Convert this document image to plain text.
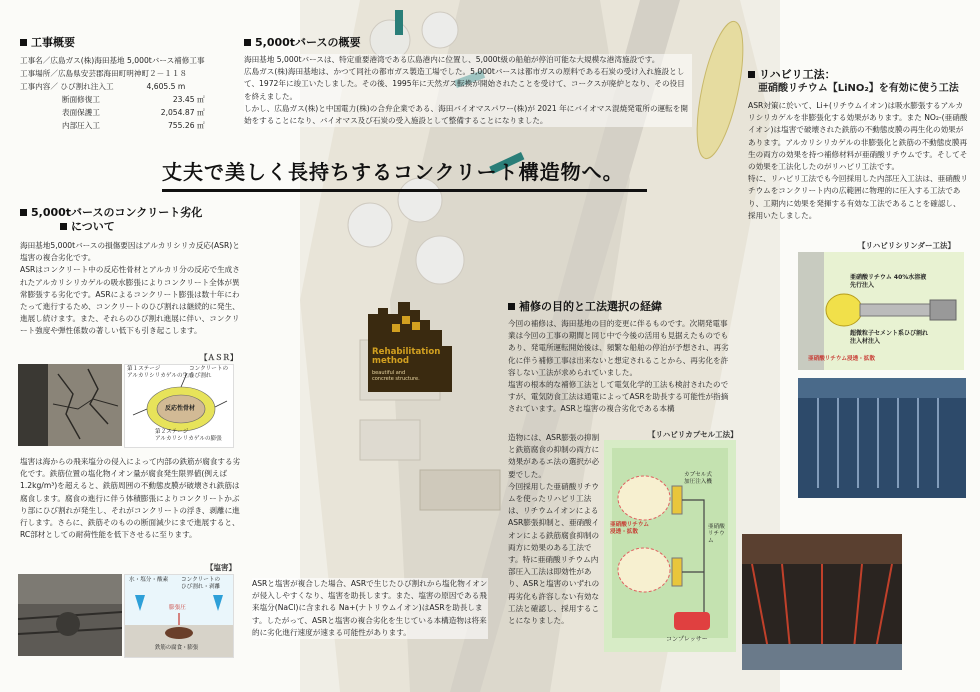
工事概要
工事名／広島ガス(株)海田基地 5,000tバース補修工事	
工事場所／広島県安芸郡海田町明神町２－１１８	
工事内容／ ひび割れ注入工	4,605.5 m
断面修復工	23.45 ㎡
表面保護工	2,054.87 ㎡
内部圧入工	755.26 ㎡
5,000tバースの概要
海田基地 5,000tバースは、特定重要港湾である広島港内に位置し、5,000t級の船舶が停泊可能な大規模な港湾施設です。
広島ガス(株)海田基地は、かつて同社の都市ガス製造工場でした。5,000tバースは都市ガスの原料である石炭の受け入れ施設として、1972年に竣工いたしました。その後、1995年に天然ガス転換が開始されたことを受けて、コークスが廃炉となり、その役目を終えました。
しかし、広島ガス(株)と中国電力(株)の合弁企業である、海田バイオマスパワー(株)が 2021 年にバイオマス混焼発電所の運転を開始をすることになり、バイオマス及び石炭の受入施設として整備することになりました。
丈夫で美しく長持ちするコンクリート構造物へ。
5,000tバースのコンクリート劣化
について
海田基地5,000tバースの損傷要因はアルカリシリカ反応(ASR)と塩害の複合劣化です。
ASRはコンクリート中の反応性骨材とアルカリ分の反応で生成されたアルカリシリカゲルの吸水膨張によりコンクリート全体が異常膨張する劣化です。ASRによるコンクリート膨張は数十年にわたって進行するため、コンクリートのひび割れは継続的に発生、進展し続けます。また、それらのひび割れ進展に伴い、コンクリート強度や弾性係数の著しい低下も引き起こします。
【ＡＳＲ】
第１ステージ
アルカリシリカゲルの生成
コンクリートの
ひび割れ
反応性骨材
第２ステージ
アルカリシリカゲルの膨張
塩害は海からの飛来塩分の侵入によって内部の鉄筋が腐食する劣化です。鉄筋位置の塩化物イオン量が腐食発生限界値(例えば 1.2kg/m³)を超えると、鉄筋周囲の不動態皮膜が破壊され鉄筋は腐食します。腐食の進行に伴う体積膨張によりコンクリートかぶり部にひび割れが発生し、それがコンクリートの浮き、剥離に進行します。さらに、鉄筋そのものの断面減少にまで進展すると、RC部材としての耐荷性能を低下させるに至ります。
【塩害】
水・塩分・酸素 コンクリートの
ひび割れ・剥離
膨張圧
鉄筋の腐食・膨張
Rehabilitation
method
beautiful and
concrete structure.
ASRと塩害が複合した場合、ASRで生じたひび割れから塩化物イオンが侵入しやすくなり、塩害を助長します。また、塩害の原因である飛来塩分(NaCl)に含まれる Na+(ナトリウムイオン)はASRを助長します。したがって、ASRと塩害の複合劣化を生じている本構造物は将来的に劣化進行速度が速まる可能性があります。
補修の目的と工法選択の経緯
今回の補修は、海田基地の目的変更に伴るものです。次期発電事業は今回の工事の期間と同じ中で今後の活用も見据えたものでもあり、発電所運転開始後は、頻繁な船舶の停泊が予想され、再劣化に伴う補修工事は出来ないと想定されることから、再劣化を許容しない工法が求められていました。
塩害の根本的な補修工法として電気化学的工法も検討されたのですが、電気防食工法は通電によってASRを助長する可能性が指摘されています。ASRと塩害の複合劣化である本構
造物には、ASR膨張の抑制と鉄筋腐食の抑制の両方に効果があるエ法の選択が必要でした。
今回採用した亜硝酸リチウムを使ったリハビリ工法は、リチウムイオンによるASR膨張抑制と、亜硝酸イオンによる鉄筋腐食抑制の両方に効果のある工法です。特に亜硝酸リチウム内部圧入工法は即効性があり、ASRと塩害のいずれの再劣化も許容しない有効な工法と確認し、採用することになりました。
【リハビリカプセル工法】
カプセル式
加圧注入機
亜硝酸リチウム
浸透・拡散
亜硝酸リチウム
コンプレッサー
リハビリ工法：
亜硝酸リチウム【LiNO₂】を有効に使う工法
ASR対策に於いて、Li+(リチウムイオン)は吸水膨張するアルカリシリカゲルを非膨張化する効果があります。また NO₂-(亜硝酸イオン)は塩害で破壊された鉄筋の不動態皮膜の再生化の効果があります。アルカリシリカゲルの非膨張化と鉄筋の不動態皮膜再生の両方の効果を持つ補修材料が亜硝酸リチウムです。そしてその効果を工法化したのがリハビリ工法です。
特に、リハビリ工法でも今回採用した内部圧入工法は、亜硝酸リチウムをコンクリート内の広範囲に物理的に圧入する工法であり、工期内に効果を発揮する有効な工法であることを確認し、採用いたしました。
【リハビリシリンダー工法】
亜硝酸リチウム 40%水溶液
先行注入
超微粒子セメント系ひび割れ
注入材注入
亜硝酸リチウム浸透・拡散
